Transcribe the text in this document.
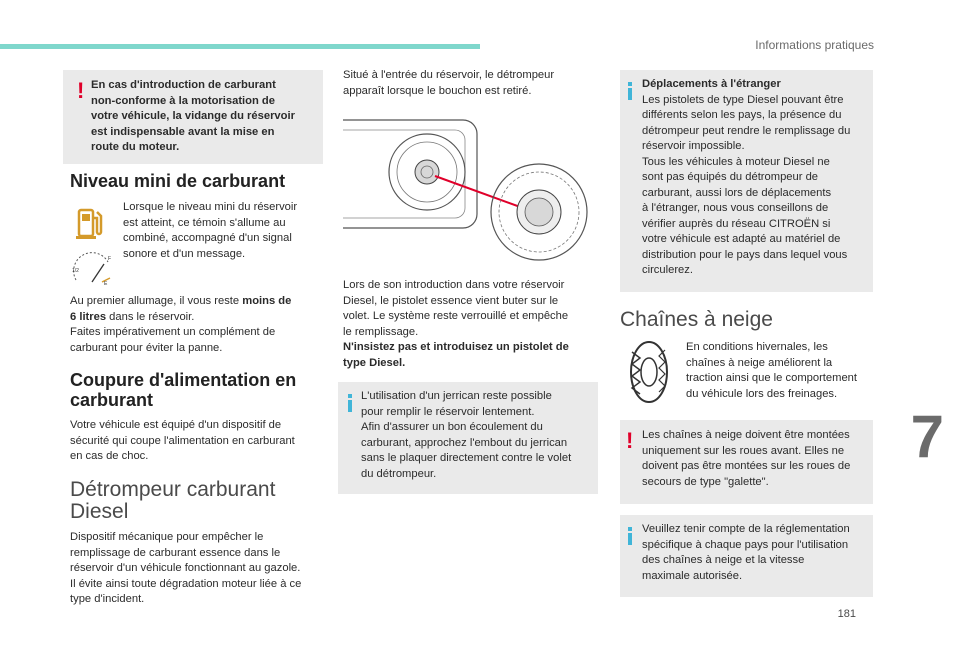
Informations pratiques
7
181
! En cas d'introduction de carburant

non-conforme à la motorisation de

votre véhicule, la vidange du réservoir

est indispensable avant la mise en

route du moteur.

Niveau mini de carburant
1/2
E
F

Lorsque le niveau mini du réservoir

est atteint, ce témoin s'allume au

combiné, accompagné d'un signal

sonore et d'un message.

Au premier allumage, il vous reste moins de

6 litres dans le réservoir.

Faites impérativement un complément de

carburant pour éviter la panne.

Coupure d'alimentation en
carburant

Votre véhicule est équipé d'un dispositif de

sécurité qui coupe l'alimentation en carburant

en cas de choc.

Détrompeur carburant
Diesel

Dispositif mécanique pour empêcher le

remplissage de carburant essence dans le

réservoir d'un véhicule fonctionnant au gazole.

Il évite ainsi toute dégradation moteur liée à ce

type d'incident.

Situé à l'entrée du réservoir, le détrompeur

apparaît lorsque le bouchon est retiré.

Lors de son introduction dans votre réservoir

Diesel, le pistolet essence vient buter sur le

volet. Le système reste verrouillé et empêche

le remplissage.

N'insistez pas et introduisez un pistolet de

type Diesel.

L'utilisation d'un jerrican reste possible

pour remplir le réservoir lentement.

Afin d'assurer un bon écoulement du

carburant, approchez l'embout du jerrican

sans le plaquer directement contre le volet

du détrompeur.

Déplacements à l'étranger

Les pistolets de type Diesel pouvant être

différents selon les pays, la présence du

détrompeur peut rendre le remplissage du

réservoir impossible.

Tous les véhicules à moteur Diesel ne

sont pas équipés du détrompeur de

carburant, aussi lors de déplacements

à l'étranger, nous vous conseillons de

vérifier auprès du réseau CITROËN si

votre véhicule est adapté au matériel de

distribution pour le pays dans lequel vous

circulerez.

Chaînes à neige

En conditions hivernales, les

chaînes à neige améliorent la

traction ainsi que le comportement

du véhicule lors des freinages.

! Les chaînes à neige doivent être montées

uniquement sur les roues avant. Elles ne

doivent pas être montées sur les roues de

secours de type "galette".

Veuillez tenir compte de la réglementation

spécifique à chaque pays pour l'utilisation

des chaînes à neige et la vitesse

maximale autorisée.
